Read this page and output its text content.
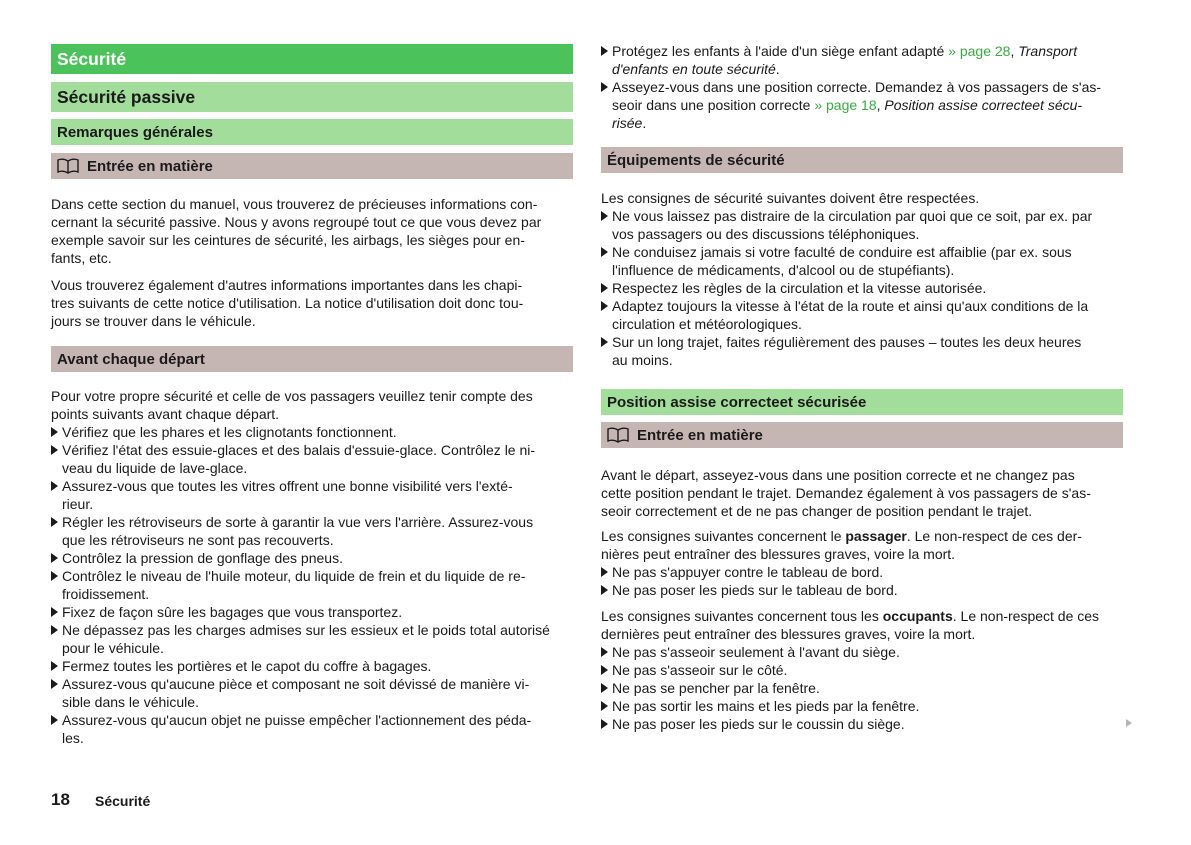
Sécurité
Sécurité passive
Remarques générales
Entrée en matière
Dans cette section du manuel, vous trouverez de précieuses informations con-
cernant la sécurité passive. Nous y avons regroupé tout ce que vous devez par
exemple savoir sur les ceintures de sécurité, les airbags, les sièges pour en-
fants, etc.
Vous trouverez également d'autres informations importantes dans les chapi-
tres suivants de cette notice d'utilisation. La notice d'utilisation doit donc tou-
jours se trouver dans le véhicule.
Avant chaque départ
Pour votre propre sécurité et celle de vos passagers veuillez tenir compte des
points suivants avant chaque départ.
Vérifiez que les phares et les clignotants fonctionnent.
Vérifiez l'état des essuie-glaces et des balais d'essuie-glace. Contrôlez le ni-
veau du liquide de lave-glace.
Assurez-vous que toutes les vitres offrent une bonne visibilité vers l'exté-
rieur.
Régler les rétroviseurs de sorte à garantir la vue vers l'arrière. Assurez-vous
que les rétroviseurs ne sont pas recouverts.
Contrôlez la pression de gonflage des pneus.
Contrôlez le niveau de l'huile moteur, du liquide de frein et du liquide de re-
froidissement.
Fixez de façon sûre les bagages que vous transportez.
Ne dépassez pas les charges admises sur les essieux et le poids total autorisé
pour le véhicule.
Fermez toutes les portières et le capot du coffre à bagages.
Assurez-vous qu'aucune pièce et composant ne soit dévissé de manière vi-
sible dans le véhicule.
Assurez-vous qu'aucun objet ne puisse empêcher l'actionnement des péda-
les.
Protégez les enfants à l'aide d'un siège enfant adapté » page 28, Transport
d'enfants en toute sécurité.
Asseyez-vous dans une position correcte. Demandez à vos passagers de s'as-
seoir dans une position correcte » page 18, Position assise correcteet sécu-
risée.
Équipements de sécurité
Les consignes de sécurité suivantes doivent être respectées.
Ne vous laissez pas distraire de la circulation par quoi que ce soit, par ex. par
vos passagers ou des discussions téléphoniques.
Ne conduisez jamais si votre faculté de conduire est affaiblie (par ex. sous
l'influence de médicaments, d'alcool ou de stupéfiants).
Respectez les règles de la circulation et la vitesse autorisée.
Adaptez toujours la vitesse à l'état de la route et ainsi qu'aux conditions de la
circulation et météorologiques.
Sur un long trajet, faites régulièrement des pauses – toutes les deux heures
au moins.
Position assise correcteet sécurisée
Entrée en matière
Avant le départ, asseyez-vous dans une position correcte et ne changez pas
cette position pendant le trajet. Demandez également à vos passagers de s'as-
seoir correctement et de ne pas changer de position pendant le trajet.
Les consignes suivantes concernent le passager. Le non-respect de ces der-
nières peut entraîner des blessures graves, voire la mort.
Ne pas s'appuyer contre le tableau de bord.
Ne pas poser les pieds sur le tableau de bord.
Les consignes suivantes concernent tous les occupants. Le non-respect de ces
dernières peut entraîner des blessures graves, voire la mort.
Ne pas s'asseoir seulement à l'avant du siège.
Ne pas s'asseoir sur le côté.
Ne pas se pencher par la fenêtre.
Ne pas sortir les mains et les pieds par la fenêtre.
Ne pas poser les pieds sur le coussin du siège.
18 Sécurité
